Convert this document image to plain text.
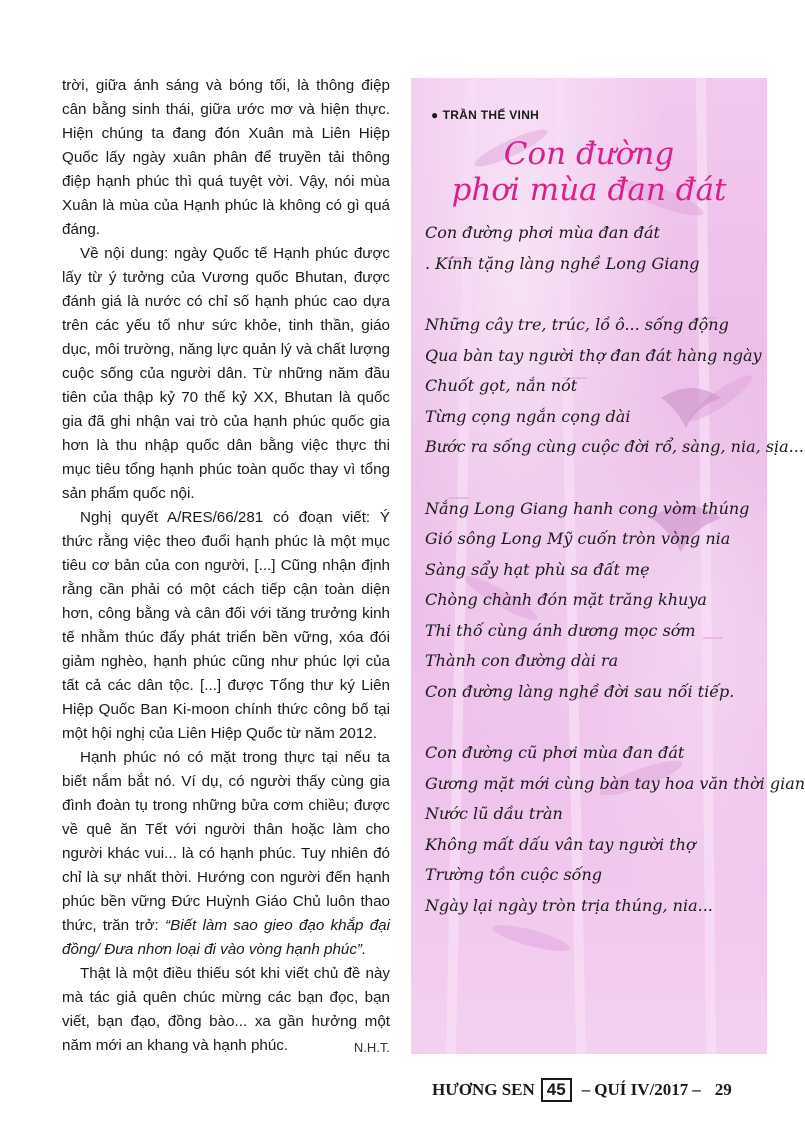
trời, giữa ánh sáng và bóng tối, là thông điệp cân bằng sinh thái, giữa ước mơ và hiện thực. Hiện chúng ta đang đón Xuân mà Liên Hiệp Quốc lấy ngày xuân phân để truyền tải thông điệp hạnh phúc thì quá tuyệt vời. Vậy, nói mùa Xuân là mùa của Hạnh phúc là không có gì quá đáng.

Về nội dung: ngày Quốc tế Hạnh phúc được lấy từ ý tưởng của Vương quốc Bhutan, được đánh giá là nước có chỉ số hạnh phúc cao dựa trên các yếu tố như sức khỏe, tinh thần, giáo dục, môi trường, năng lực quản lý và chất lượng cuộc sống của người dân. Từ những năm đầu tiên của thập kỷ 70 thế kỷ XX, Bhutan là quốc gia đã ghi nhận vai trò của hạnh phúc quốc gia hơn là thu nhập quốc dân bằng việc thực thi mục tiêu tổng hạnh phúc toàn quốc thay vì tổng sản phẩm quốc nội.

Nghị quyết A/RES/66/281 có đoạn viết: Ý thức rằng việc theo đuổi hạnh phúc là một mục tiêu cơ bản của con người, [...] Cũng nhận định rằng cần phải có một cách tiếp cận toàn diện hơn, công bằng và cân đối với tăng trưởng kinh tế nhằm thúc đẩy phát triển bền vững, xóa đói giảm nghèo, hạnh phúc cũng như phúc lợi của tất cả các dân tộc. [...] được Tổng thư ký Liên Hiệp Quốc Ban Ki-moon chính thức công bố tại một hội nghị của Liên Hiệp Quốc từ năm 2012.

Hạnh phúc nó có mặt trong thực tại nếu ta biết nắm bắt nó. Ví dụ, có người thấy cùng gia đình đoàn tụ trong những bửa cơm chiều; được về quê ăn Tết với người thân hoặc làm cho người khác vui... là có hạnh phúc. Tuy nhiên đó chỉ là sự nhất thời. Hướng con người đến hạnh phúc bền vững Đức Huỳnh Giáo Chủ luôn thao thức, trăn trở: “Biết làm sao gieo đạo khắp đại đồng/ Đưa nhơn loại đi vào vòng hạnh phúc”.

Thật là một điều thiếu sót khi viết chủ đề này mà tác giả quên chúc mừng các bạn đọc, bạn viết, bạn đạo, đồng bào... xa gần hưởng một năm mới an khang và hạnh phúc.	N.H.T.
● TRẦN THẾ VINH
Con đường
phơi mùa đan đát
Con đường phơi mùa đan đát
. Kính tặng làng nghề Long Giang
Những cây tre, trúc, lồ ô... sống động
Qua bàn tay người thợ đan đát hàng ngày
Chuốt gọt, nắn nót
Từng cọng ngắn cọng dài
Bước ra sống cùng cuộc đời rổ, sàng, nia, sịa...
Nắng Long Giang hanh cong vòm thúng
Gió sông Long Mỹ cuốn tròn vòng nia
Sàng sẩy hạt phù sa đất mẹ
Chòng chành đón mặt trăng khuya
Thi thố cùng ánh dương mọc sớm
Thành con đường dài ra
Con đường làng nghề đời sau nối tiếp.
Con đường cũ phơi mùa đan đát
Gương mặt mới cùng bàn tay hoa văn thời gian
Nước lũ dầu tràn
Không mất dấu vân tay người thợ
Trường tồn cuộc sống
Ngày lại ngày tròn trịa thúng, nia...
HƯƠNG SEN 45 – QUÍ IV/2017 – 29
